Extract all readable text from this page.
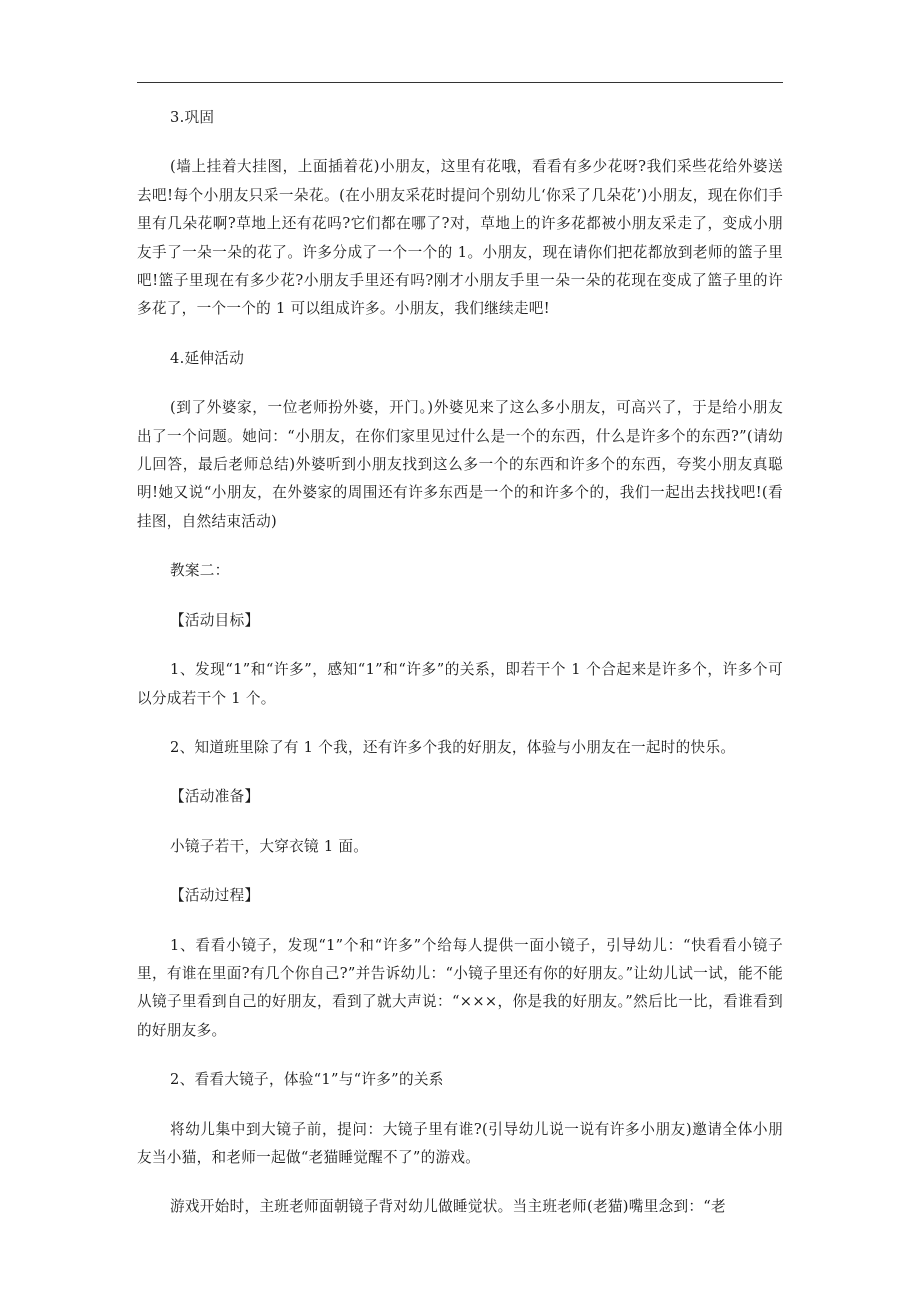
3.巩固

(墙上挂着大挂图，上面插着花)小朋友，这里有花哦，看看有多少花呀?我们采些花给外婆送去吧!每个小朋友只采一朵花。(在小朋友采花时提问个别幼儿‘你采了几朵花’)小朋友，现在你们手里有几朵花啊?草地上还有花吗?它们都在哪了?对，草地上的许多花都被小朋友采走了，变成小朋友手了一朵一朵的花了。许多分成了一个一个的 1。小朋友，现在请你们把花都放到老师的篮子里吧!篮子里现在有多少花?小朋友手里还有吗?刚才小朋友手里一朵一朵的花现在变成了篮子里的许多花了，一个一个的 1 可以组成许多。小朋友，我们继续走吧!

4.延伸活动

(到了外婆家，一位老师扮外婆，开门。)外婆见来了这么多小朋友，可高兴了，于是给小朋友出了一个问题。她问：“小朋友，在你们家里见过什么是一个的东西，什么是许多个的东西?”(请幼儿回答，最后老师总结)外婆听到小朋友找到这么多一个的东西和许多个的东西，夸奖小朋友真聪明!她又说“小朋友，在外婆家的周围还有许多东西是一个的和许多个的，我们一起出去找找吧!(看挂图，自然结束活动)

教案二：

【活动目标】

1、发现“1”和“许多”，感知“1”和“许多”的关系，即若干个 1 个合起来是许多个，许多个可以分成若干个 1 个。

2、知道班里除了有 1 个我，还有许多个我的好朋友，体验与小朋友在一起时的快乐。

【活动准备】

小镜子若干，大穿衣镜 1 面。

【活动过程】

1、看看小镜子，发现“1”个和“许多”个给每人提供一面小镜子，引导幼儿：“快看看小镜子里，有谁在里面?有几个你自己?”并告诉幼儿：“小镜子里还有你的好朋友。”让幼儿试一试，能不能从镜子里看到自己的好朋友，看到了就大声说：“×××，你是我的好朋友。”然后比一比，看谁看到的好朋友多。

2、看看大镜子，体验“1”与“许多”的关系

将幼儿集中到大镜子前，提问：大镜子里有谁?(引导幼儿说一说有许多小朋友)邀请全体小朋友当小猫，和老师一起做“老猫睡觉醒不了”的游戏。

游戏开始时，主班老师面朝镜子背对幼儿做睡觉状。当主班老师(老猫)嘴里念到：“老
